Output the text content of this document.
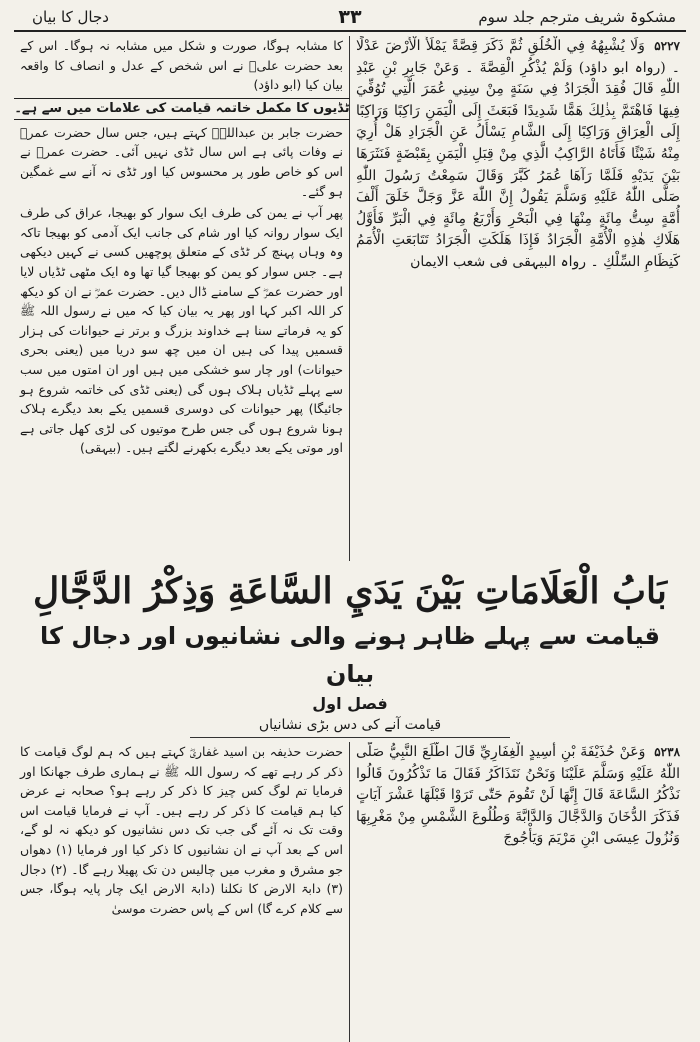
دجال کا بیان	۳۳	مشکوۃ شریف مترجم جلد سوم

کا مشابہ ہوگا، صورت و شکل میں مشابہ نہ ہوگا۔ اس کے بعد حضرت علیؓ نے اس شخص کے عدل و انصاف کا واقعہ بیان کیا (ابو داؤد)

حضرت جابر بن عبداللہؓ کہتے ہیں، جس سال حضرت عمرؓ نے وفات پائی ہے اس سال ٹڈی نہیں آئی۔ حضرت عمرؓ نے اس کو خاص طور پر محسوس کیا اور ٹڈی نہ آنے سے غمگین ہو گئے۔

پھر آپ نے یمن کی طرف ایک سوار کو بھیجا، عراق کی طرف ایک سوار روانہ کیا اور شام کی جانب ایک آدمی کو بھیجا تاکہ وہ وہاں پہنچ کر ٹڈی کے متعلق پوچھیں کسی نے کہیں دیکھی ہے۔ جس سوار کو یمن کو بھیجا گیا تھا وہ ایک مٹھی ٹڈیاں لایا اور حضرت عمرؓ کے سامنے ڈال دیں۔ حضرت عمرؓ نے ان کو دیکھ کر اللہ اکبر کہا اور پھر یہ بیان کیا کہ میں نے رسول اللہ ﷺ کو یہ فرماتے سنا ہے خداوند بزرگ و برتر نے حیوانات کی ہزار قسمیں پیدا کی ہیں ان میں چھ سو دریا میں (یعنی بحری حیوانات) اور چار سو خشکی میں ہیں اور ان امتوں میں سب سے پہلے ٹڈیاں ہلاک ہوں گی (یعنی ٹڈی کی خاتمہ شروع ہو جائیگا) پھر حیوانات کی دوسری قسمیں یکے بعد دیگرے ہلاک ہونا شروع ہوں گی جس طرح موتیوں کی لڑی کھل جاتی ہے اور موتی یکے بعد دیگرے بکھرنے لگتے ہیں۔ (بیہقی)

۵۲۲۷ وَلَا يُشْبِهُهُ فِي الْخُلُقِ ثُمَّ ذَكَرَ قِصَّةً يَمْلَأُ الْأَرْضَ عَدْلًا ۔ (رواہ ابو داؤد) وَلَمْ يُذْكُرِ الْقِصَّةَ ۔ وَعَنْ جَابِرِ بْنِ عَبْدِ اللّٰهِ قَالَ فُقِدَ الْجَرَادُ فِي سَنَةٍ مِنْ سِنِي عُمَرَ الَّتِي تُوُفِّيَ فِيهَا فَاهْتَمَّ بِذٰلِكَ هَمًّا شَدِيدًا فَبَعَثَ إِلَى الْيَمَنِ رَاكِبًا وَرَاكِبًا إِلَى الْعِرَاقِ وَرَاكِبًا إِلَى الشَّامِ يَسْأَلُ عَنِ الْجَرَادِ هَلْ أُرِيَ مِنْهُ شَيْئًا فَأَتَاهُ الرَّاكِبُ الَّذِي مِنْ قِبَلِ الْيَمَنِ بِقَبْضَةٍ فَنَثَرَهَا بَيْنَ يَدَيْهِ فَلَمَّا رَآهَا عُمَرُ كَبَّرَ وَقَالَ سَمِعْتُ رَسُولَ اللّٰهِ صَلَّى اللّٰهُ عَلَيْهِ وَسَلَّمَ يَقُولُ إِنَّ اللّٰهَ عَزَّ وَجَلَّ خَلَقَ أَلْفَ أُمَّةٍ سِتُّ مِائَةٍ مِنْهَا فِي الْبَحْرِ وَأَرْبَعُ مِائَةٍ فِي الْبَرِّ فَأَوَّلُ هَلَاكِ هٰذِهِ الْأُمَّةِ الْجَرَادُ فَإِذَا هَلَكَتِ الْجَرَادُ تَتَابَعَتِ الْأُمَمُ كَنِظَامِ السِّلْكِ ۔ رواہ البیہقی فی شعب الایمان
ٹڈیوں کا مکمل خاتمہ قیامت کی علامات میں سے ہے۔
بَابُ الْعَلَامَاتِ بَيْنَ يَدَيِ السَّاعَةِ وَذِكْرُ الدَّجَّالِ
قیامت سے پہلے ظاہر ہونے والی نشانیوں اور دجال کا بیان
فصل اول
قیامت آنے کی دس بڑی نشانیاں

حضرت حذیفہ بن اسید غفاریؓ کہتے ہیں کہ ہم لوگ قیامت کا ذکر کر رہے تھے کہ رسول اللہ ﷺ نے ہماری طرف جھانکا اور فرمایا تم لوگ کس چیز کا ذکر کر رہے ہو؟ صحابہ نے عرض کیا ہم قیامت کا ذکر کر رہے ہیں۔ آپ نے فرمایا قیامت اس وقت تک نہ آئے گی جب تک دس نشانیوں کو دیکھ نہ لو گے، اس کے بعد آپ نے ان نشانیوں کا ذکر کیا اور فرمایا (۱) دھواں جو مشرق و مغرب میں چالیس دن تک پھیلا رہے گا۔ (۲) دجال (۳) دابۃ الارض کا نکلنا (دابۃ الارض ایک چار پایہ ہوگا، جس سے کلام کرے گا) اس کے پاس حضرت موسیٰ

۵۲۳۸ وَعَنْ حُذَيْفَةَ بْنِ أَسِيدٍ الْغِفَارِيِّ قَالَ اطَّلَعَ النَّبِيُّ صَلَّى اللّٰهُ عَلَيْهِ وَسَلَّمَ عَلَيْنَا وَنَحْنُ نَتَذَاكَرُ فَقَالَ مَا تَذْكُرُونَ قَالُوا نَذْكُرُ السَّاعَةَ قَالَ إِنَّهَا لَنْ تَقُومَ حَتّٰى تَرَوْا قَبْلَهَا عَشْرَ آيَاتٍ فَذَكَرَ الدُّخَانَ وَالدَّجَّالَ وَالدَّابَّةَ وَطُلُوعَ الشَّمْسِ مِنْ مَغْرِبِهَا وَنُزُولَ عِيسَى ابْنِ مَرْيَمَ وَيَأْجُوجَ
